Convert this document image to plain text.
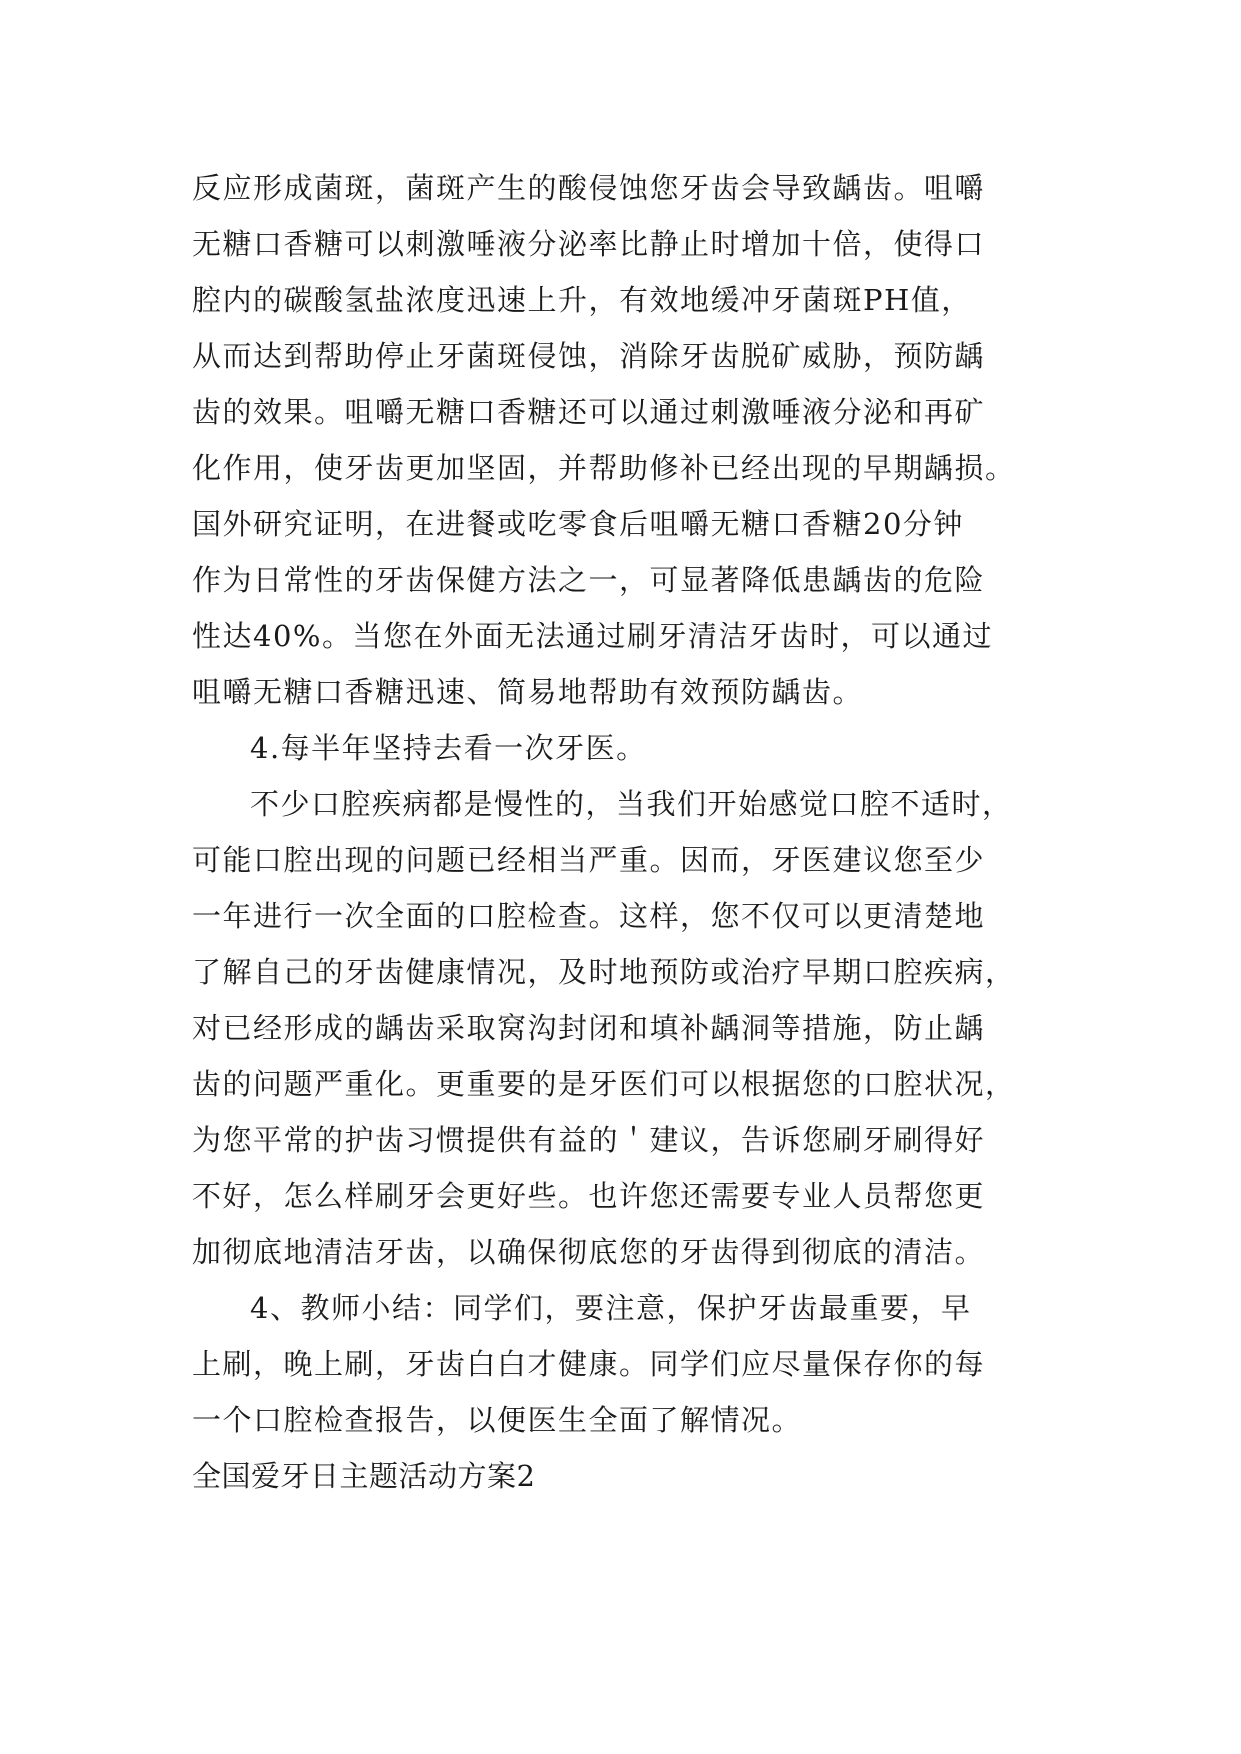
反应形成菌斑，菌斑产生的酸侵蚀您牙齿会导致龋齿。咀嚼
无糖口香糖可以刺激唾液分泌率比静止时增加十倍，使得口
腔内的碳酸氢盐浓度迅速上升，有效地缓冲牙菌斑PH值，
从而达到帮助停止牙菌斑侵蚀，消除牙齿脱矿威胁，预防龋
齿的效果。咀嚼无糖口香糖还可以通过刺激唾液分泌和再矿
化作用，使牙齿更加坚固，并帮助修补已经出现的早期龋损。
国外研究证明，在进餐或吃零食后咀嚼无糖口香糖20分钟
作为日常性的牙齿保健方法之一，可显著降低患龋齿的危险
性达40%。当您在外面无法通过刷牙清洁牙齿时，可以通过
咀嚼无糖口香糖迅速、简易地帮助有效预防龋齿。
4.每半年坚持去看一次牙医。
不少口腔疾病都是慢性的，当我们开始感觉口腔不适时，
可能口腔出现的问题已经相当严重。因而，牙医建议您至少
一年进行一次全面的口腔检查。这样，您不仅可以更清楚地
了解自己的牙齿健康情况，及时地预防或治疗早期口腔疾病，
对已经形成的龋齿采取窝沟封闭和填补龋洞等措施，防止龋
齿的问题严重化。更重要的是牙医们可以根据您的口腔状况，
为您平常的护齿习惯提供有益的＇建议，告诉您刷牙刷得好
不好，怎么样刷牙会更好些。也许您还需要专业人员帮您更
加彻底地清洁牙齿，以确保彻底您的牙齿得到彻底的清洁。
4、教师小结：同学们，要注意，保护牙齿最重要，早
上刷，晚上刷，牙齿白白才健康。同学们应尽量保存你的每
一个口腔检查报告，以便医生全面了解情况。
全国爱牙日主题活动方案2
